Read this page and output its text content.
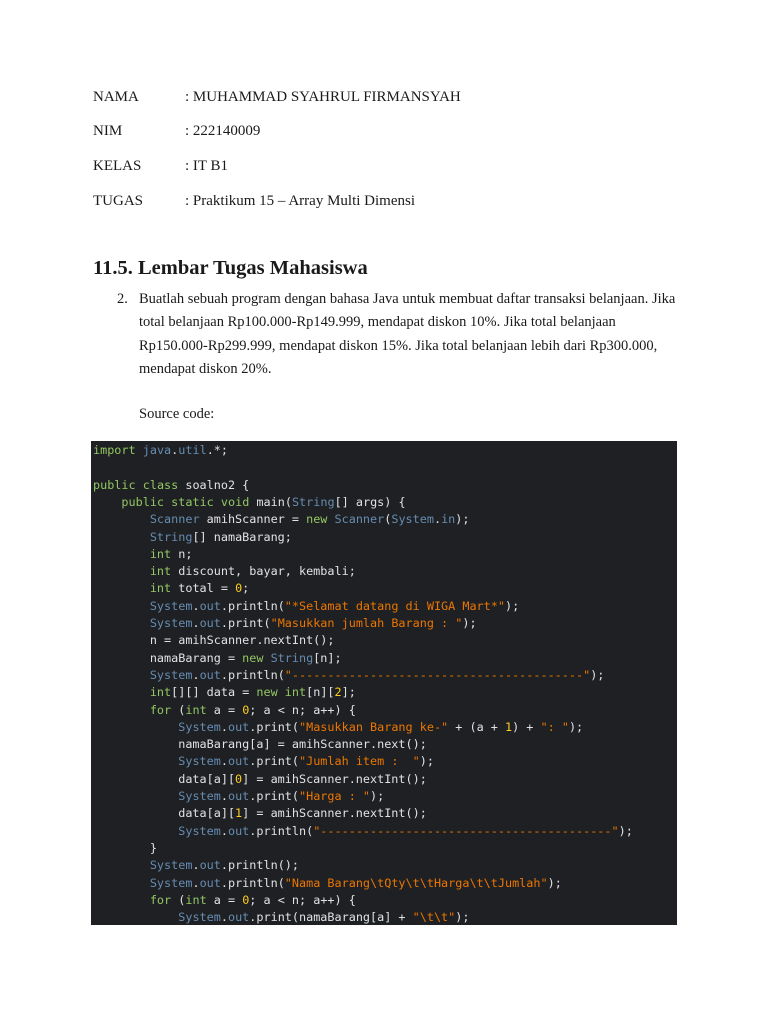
NAMA	: MUHAMMAD SYAHRUL FIRMANSYAH
NIM	: 222140009
KELAS	: IT B1
TUGAS	: Praktikum 15 – Array Multi Dimensi
11.5. Lembar Tugas Mahasiswa
2. Buatlah sebuah program dengan bahasa Java untuk membuat daftar transaksi belanjaan. Jika total belanjaan Rp100.000-Rp149.999, mendapat diskon 10%. Jika total belanjaan Rp150.000-Rp299.999, mendapat diskon 15%. Jika total belanjaan lebih dari Rp300.000, mendapat diskon 20%.
Source code:
import java.util.*;
public class soalno2 {
public static void main(String[] args) {
Scanner amihScanner = new Scanner(System.in);
String[] namaBarang;
int n;
int discount, bayar, kembali;
int total = 0;
System.out.println("*Selamat datang di WIGA Mart*");
System.out.print("Masukkan jumlah Barang : ");
n = amihScanner.nextInt();
namaBarang = new String[n];
System.out.println("-----------------------------------------");
int[][] data = new int[n][2];
for (int a = 0; a < n; a++) {
System.out.print("Masukkan Barang ke-" + (a + 1) + ": ");
namaBarang[a] = amihScanner.next();
System.out.print("Jumlah item :  ");
data[a][0] = amihScanner.nextInt();
System.out.print("Harga : ");
data[a][1] = amihScanner.nextInt();
System.out.println("-----------------------------------------");
}
System.out.println();
System.out.println("Nama Barang\tQty\t\tHarga\t\tJumlah");
for (int a = 0; a < n; a++) {
System.out.print(namaBarang[a] + "\t\t");
